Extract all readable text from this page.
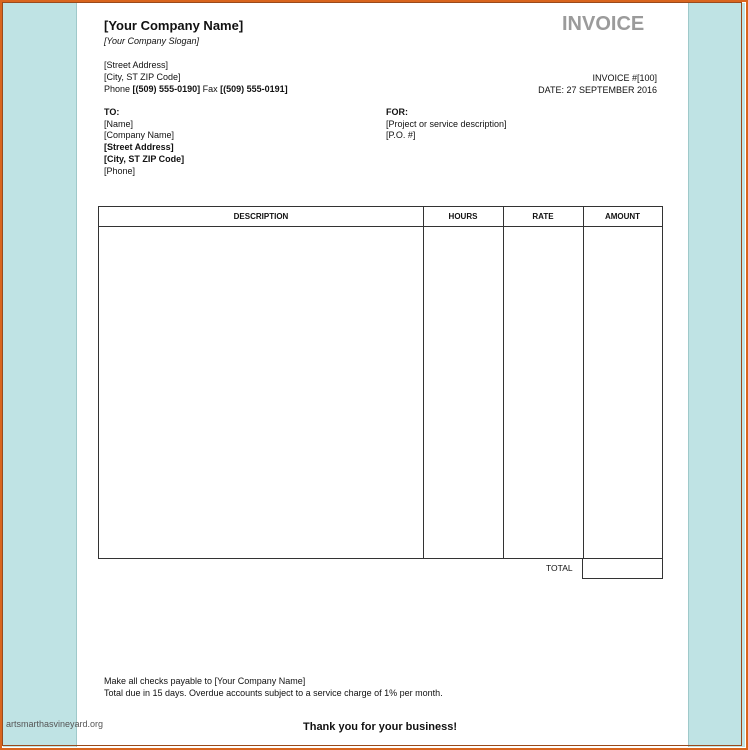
[Your Company Name]
[Your Company Slogan]
[Street Address]
[City, ST ZIP Code]
Phone [(509) 555-0190] Fax [(509) 555-0191]
INVOICE
INVOICE #[100]
DATE: 27 SEPTEMBER 2016
TO:
[Name]
[Company Name]
[Street Address]
[City, ST ZIP Code]
[Phone]
FOR:
[Project or service description]
[P.O. #]
DESCRIPTION	HOURS	RATE	AMOUNT
TOTAL
Make all checks payable to [Your Company Name]
Total due in 15 days. Overdue accounts subject to a service charge of 1% per month.
Thank you for your business!
artsmarthasvineyard.org
